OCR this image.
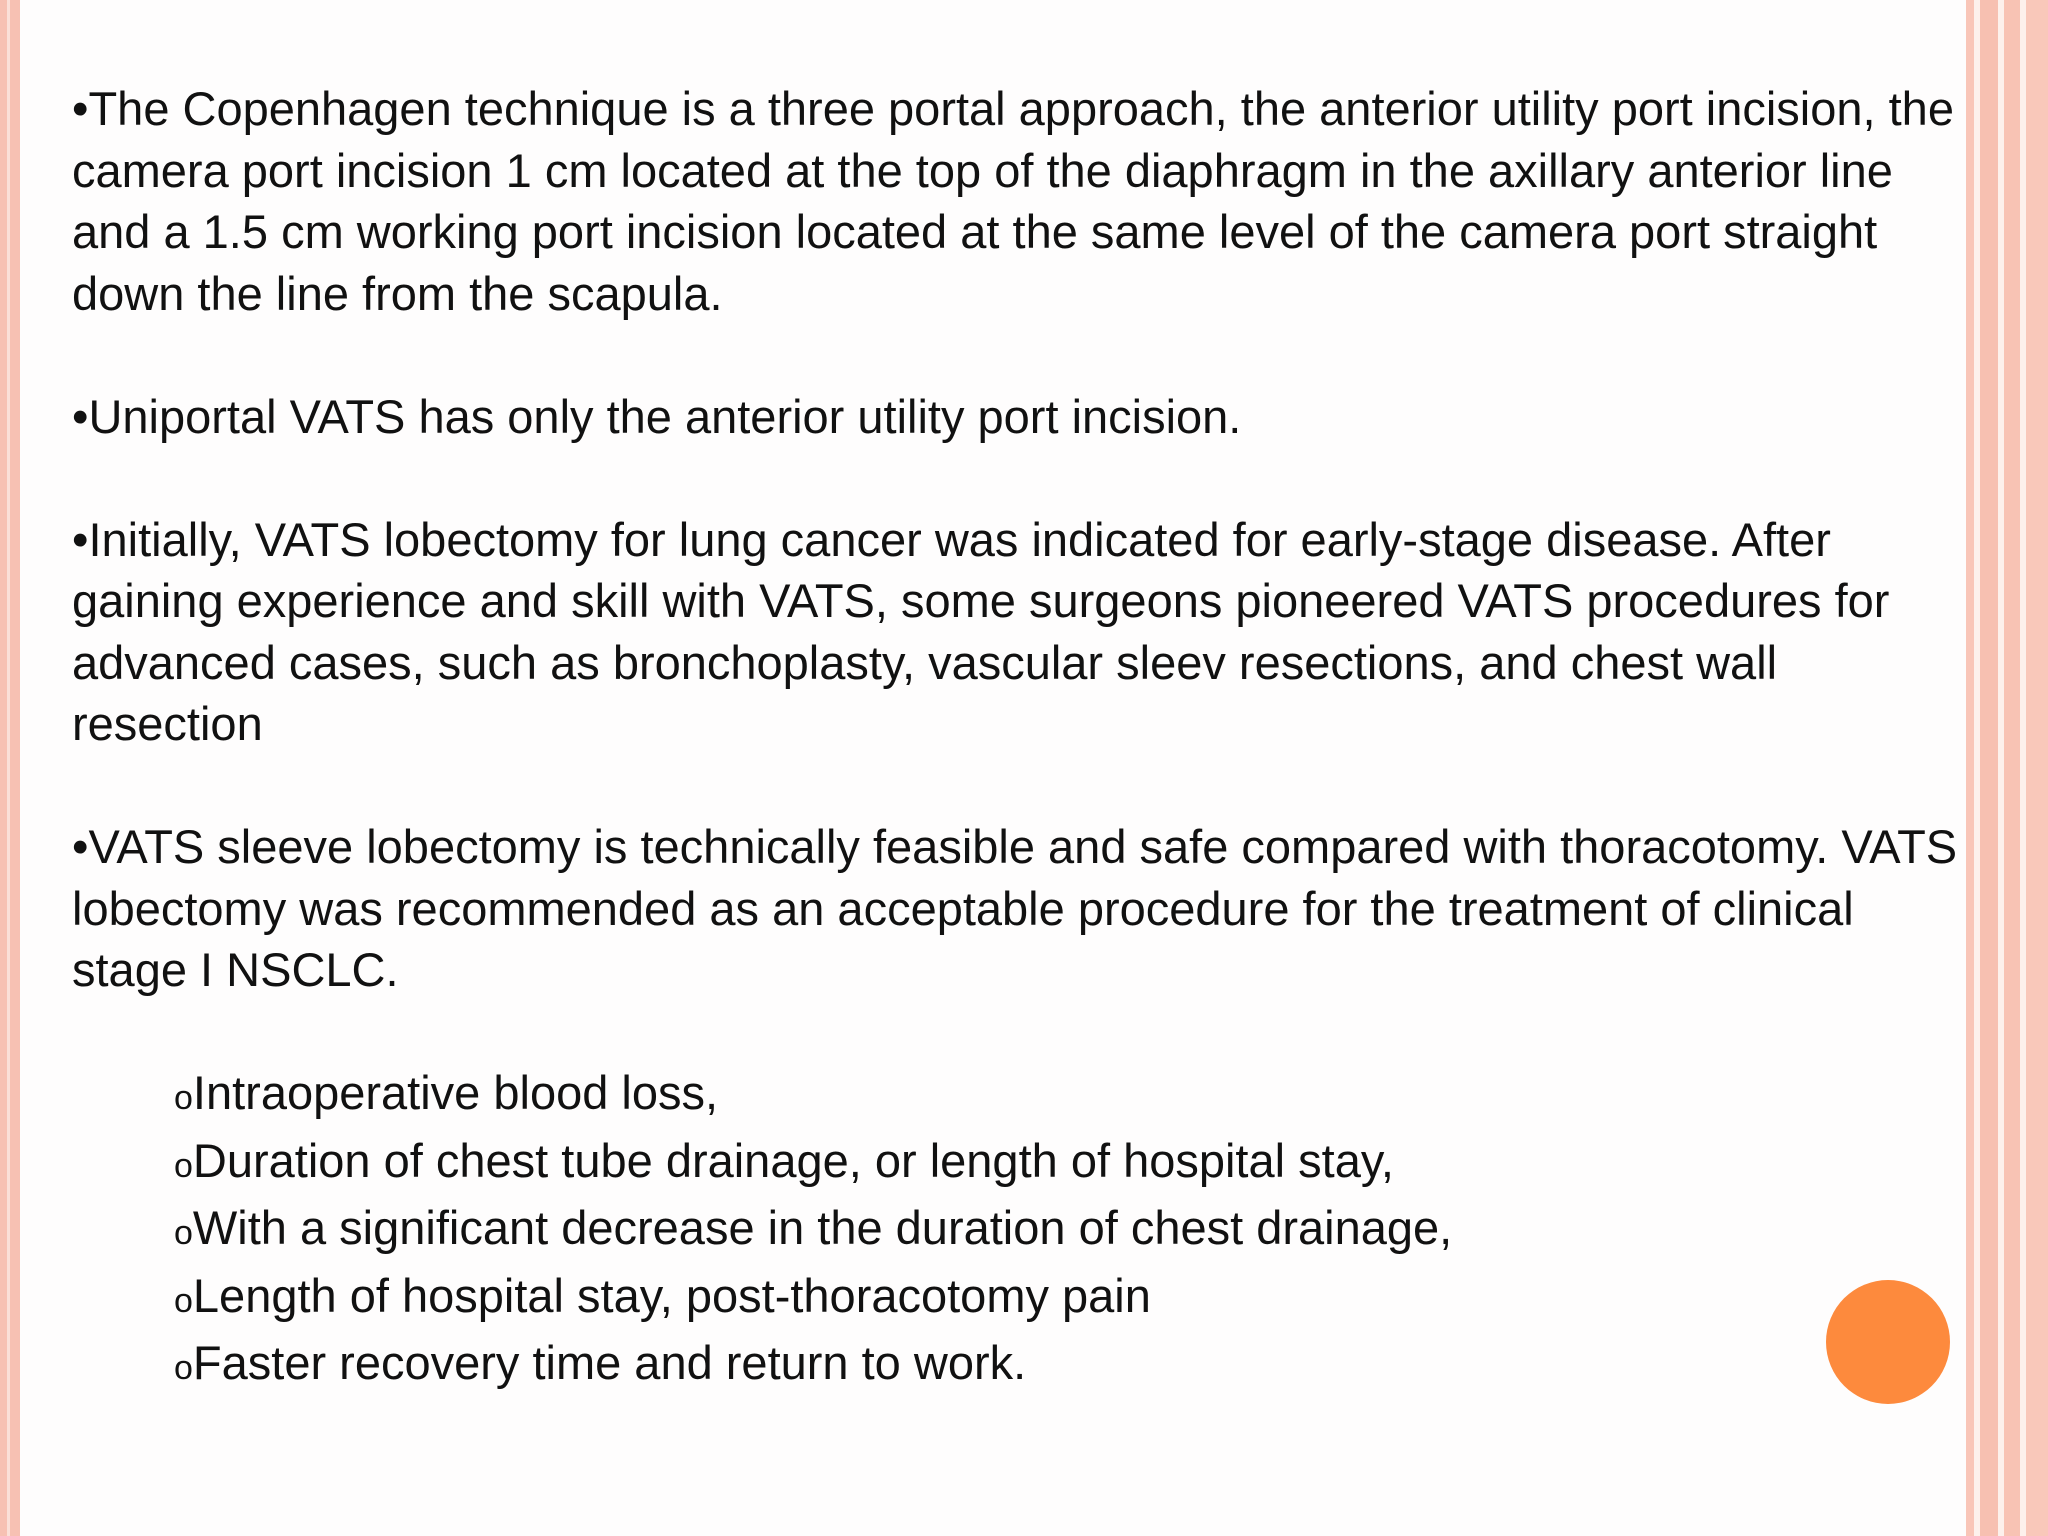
•The Copenhagen technique is a three portal approach, the anterior utility port incision, the camera port incision 1 cm located at the top of the diaphragm in the axillary anterior line and a 1.5 cm working port incision located at the same level of the camera port straight down the line from the scapula.

•Uniportal VATS has only the anterior utility port incision.

•Initially, VATS lobectomy for lung cancer was indicated for early-stage disease. After gaining experience and skill with VATS, some surgeons pioneered VATS procedures for advanced cases, such as bronchoplasty, vascular sleev resections, and chest wall resection

•VATS sleeve lobectomy is technically feasible and safe compared with thoracotomy. VATS lobectomy was recommended as an acceptable procedure for the treatment of clinical stage I NSCLC.

oIntraoperative blood loss,
oDuration of chest tube drainage, or length of hospital stay,
oWith a significant decrease in the duration of chest drainage,
oLength of hospital stay, post-thoracotomy pain
oFaster recovery time and return to work.
